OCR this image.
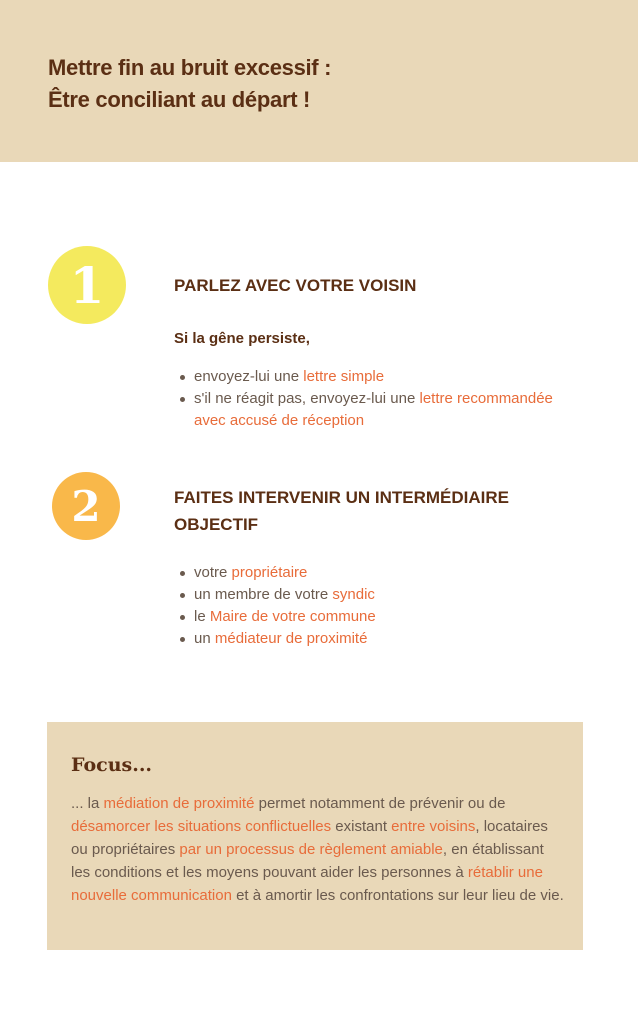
Mettre fin au bruit excessif :
Être conciliant au départ !
1	PARLEZ AVEC VOTRE VOISIN
Si la gêne persiste,
envoyez-lui une lettre simple
s'il ne réagit pas, envoyez-lui une lettre recommandée avec accusé de réception
2	FAITES INTERVENIR UN INTERMÉDIAIRE OBJECTIF
votre propriétaire
un membre de votre syndic
le Maire de votre commune
un médiateur de proximité
Focus...
... la médiation de proximité permet notamment de prévenir ou de désamorcer les situations conflictuelles existant entre voisins, locataires ou propriétaires par un processus de règlement amiable, en établissant les conditions et les moyens pouvant aider les personnes à rétablir une nouvelle communication et à amortir les confrontations sur leur lieu de vie.
